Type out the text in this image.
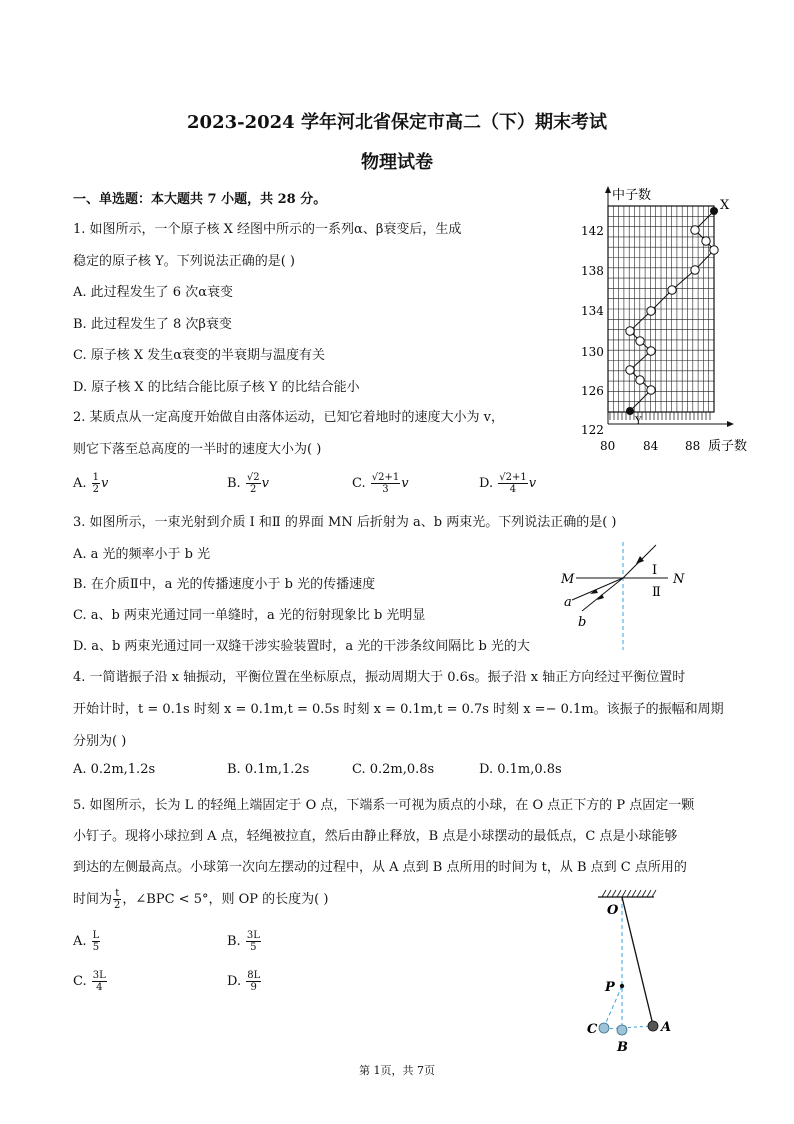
2023-2024 学年河北省保定市高二（下）期末考试
物理试卷
一、单选题：本大题共 7 小题，共 28 分。
1. 如图所示，一个原子核 X 经图中所示的一系列α、β衰变后，生成
稳定的原子核 Y。下列说法正确的是( )
A. 此过程发生了 6 次α衰变
B. 此过程发生了 8 次β衰变
C. 原子核 X 发生α衰变的半衰期与温度有关
D. 原子核 X 的比结合能比原子核 Y 的比结合能小
中子数
X
Y
142
138
134
130
126
122
80 84 88 质子数
2. 某质点从一定高度开始做自由落体运动，已知它着地时的速度大小为 v，
则它下落至总高度的一半时的速度大小为( )
A. $\frac{1}{2}$ v	B. $\frac{√2}{2}$ v	C. $\frac{√2+1}{3}$ v	D. $\frac{√2+1}{4}$ v
3. 如图所示，一束光射到介质 Ⅰ 和Ⅱ 的界面 MN 后折射为 a、b 两束光。下列说法正确的是( )
A. a 光的频率小于 b 光
B. 在介质Ⅱ中，a 光的传播速度小于 b 光的传播速度
C. a、b 两束光通过同一单缝时，a 光的衍射现象比 b 光明显
D. a、b 两束光通过同一双缝干涉实验装置时，a 光的干涉条纹间隔比 b 光的大
M	N
Ⅰ
Ⅱ
a
b
4. 一简谐振子沿 x 轴振动，平衡位置在坐标原点，振动周期大于 0.6s。振子沿 x 轴正方向经过平衡位置时
开始计时，t = 0.1s 时刻 x = 0.1m,t = 0.5s 时刻 x = 0.1m,t = 0.7s 时刻 x =− 0.1m。该振子的振幅和周期
分别为( )
A. 0.2m,1.2s	B. 0.1m,1.2s	C. 0.2m,0.8s	D. 0.1m,0.8s
5. 如图所示，长为 L 的轻绳上端固定于 O 点，下端系一可视为质点的小球，在 O 点正下方的 P 点固定一颗
小钉子。现将小球拉到 A 点，轻绳被拉直，然后由静止释放，B 点是小球摆动的最低点，C 点是小球能够
到达的左侧最高点。小球第一次向左摆动的过程中，从 A 点到 B 点所用的时间为 t，从 B 点到 C 点所用的
时间为 $\frac{t}{2}$ ，∠BPC < 5°，则 OP 的长度为( )
A. $\frac{L}{5}$	B. $\frac{3L}{5}$
C. $\frac{3L}{4}$	D. $\frac{8L}{9}$
O
P
A
B
C
第 1页，共 7页
